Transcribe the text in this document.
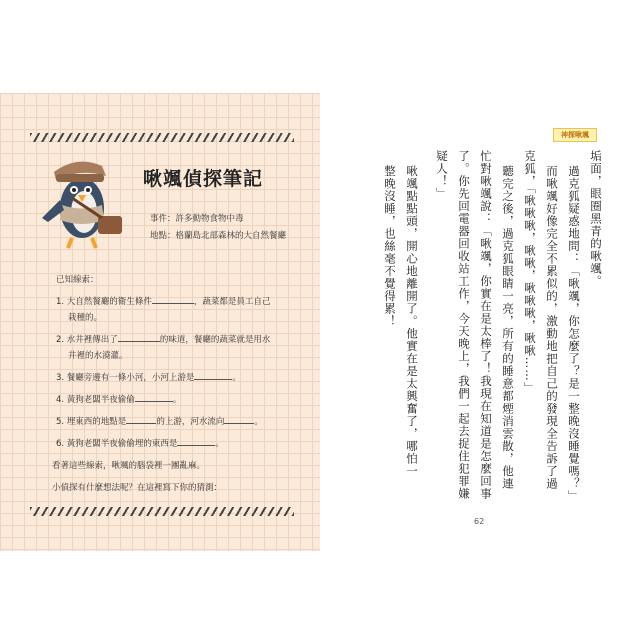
啾颯偵探筆記
事件：許多動物食物中毒
地點：格蘭島北部森林的大自然餐廳
已知線索：
1. 大自然餐廳的衛生條件	，蔬菜都是員工自己
栽種的。
2. 水井裡傳出了	的味道，餐廳的蔬菜就是用水
井裡的水澆灌。
3. 餐廳旁邊有一條小河，小河上游是	。
4. 黃狗老闆半夜偷偷	。
5. 埋東西的地點是	的上游，河水流向	。
6. 黃狗老闆半夜偷偷埋的東西是	。
看著這些線索，啾颯的腦袋裡一團亂麻。
小偵探有什麼想法呢？在這裡寫下你的猜測：
神探啾颯
垢面，眼圈黑青的啾颯。
過克狐疑惑地問：「啾颯，你怎麼了？是一整晚沒睡覺嗎？」
而啾颯好像完全不累似的，激動地把自己的發現全告訴了過
克狐，「啾啾啾，啾啾，啾啾啾，啾啾……」
聽完之後，過克狐眼睛一亮，所有的睡意都煙消雲散，他連
忙對啾颯說：「啾颯，你實在是太棒了！我現在知道是怎麼回事
了。你先回電器回收站工作，今天晚上，我們一起去捉住犯罪嫌
疑人！」
啾颯點點頭，開心地離開了。他實在是太興奮了，哪怕一
整晚沒睡，也絲毫不覺得累！
62
